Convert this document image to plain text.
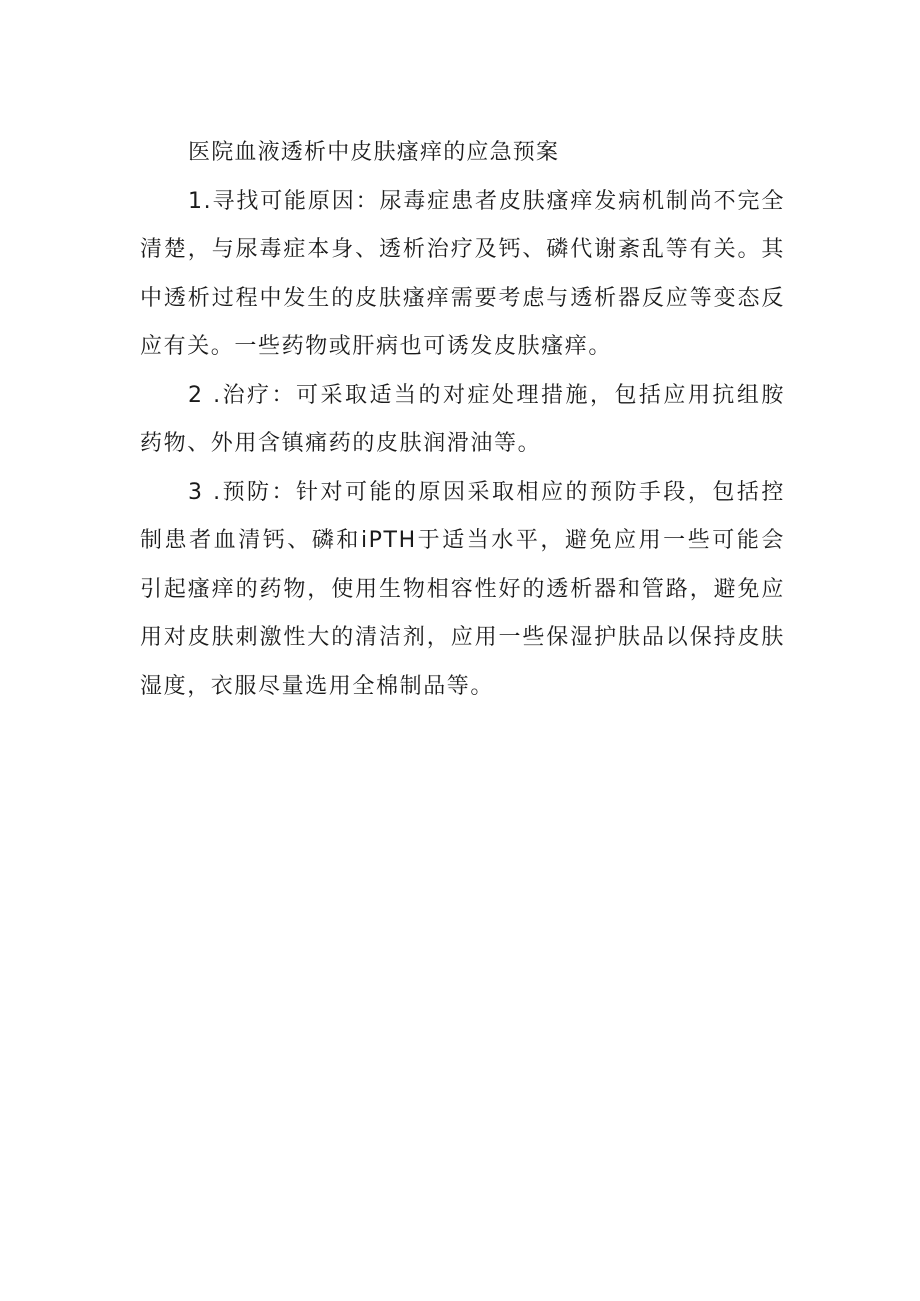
医院血液透析中皮肤瘙痒的应急预案

1.寻找可能原因：尿毒症患者皮肤瘙痒发病机制尚不完全清楚，与尿毒症本身、透析治疗及钙、磷代谢紊乱等有关。其中透析过程中发生的皮肤瘙痒需要考虑与透析器反应等变态反应有关。一些药物或肝病也可诱发皮肤瘙痒。

2 .治疗：可采取适当的对症处理措施，包括应用抗组胺药物、外用含镇痛药的皮肤润滑油等。

3 .预防：针对可能的原因采取相应的预防手段，包括控制患者血清钙、磷和iPTH于适当水平，避免应用一些可能会引起瘙痒的药物，使用生物相容性好的透析器和管路，避免应用对皮肤刺激性大的清洁剂，应用一些保湿护肤品以保持皮肤湿度，衣服尽量选用全棉制品等。
